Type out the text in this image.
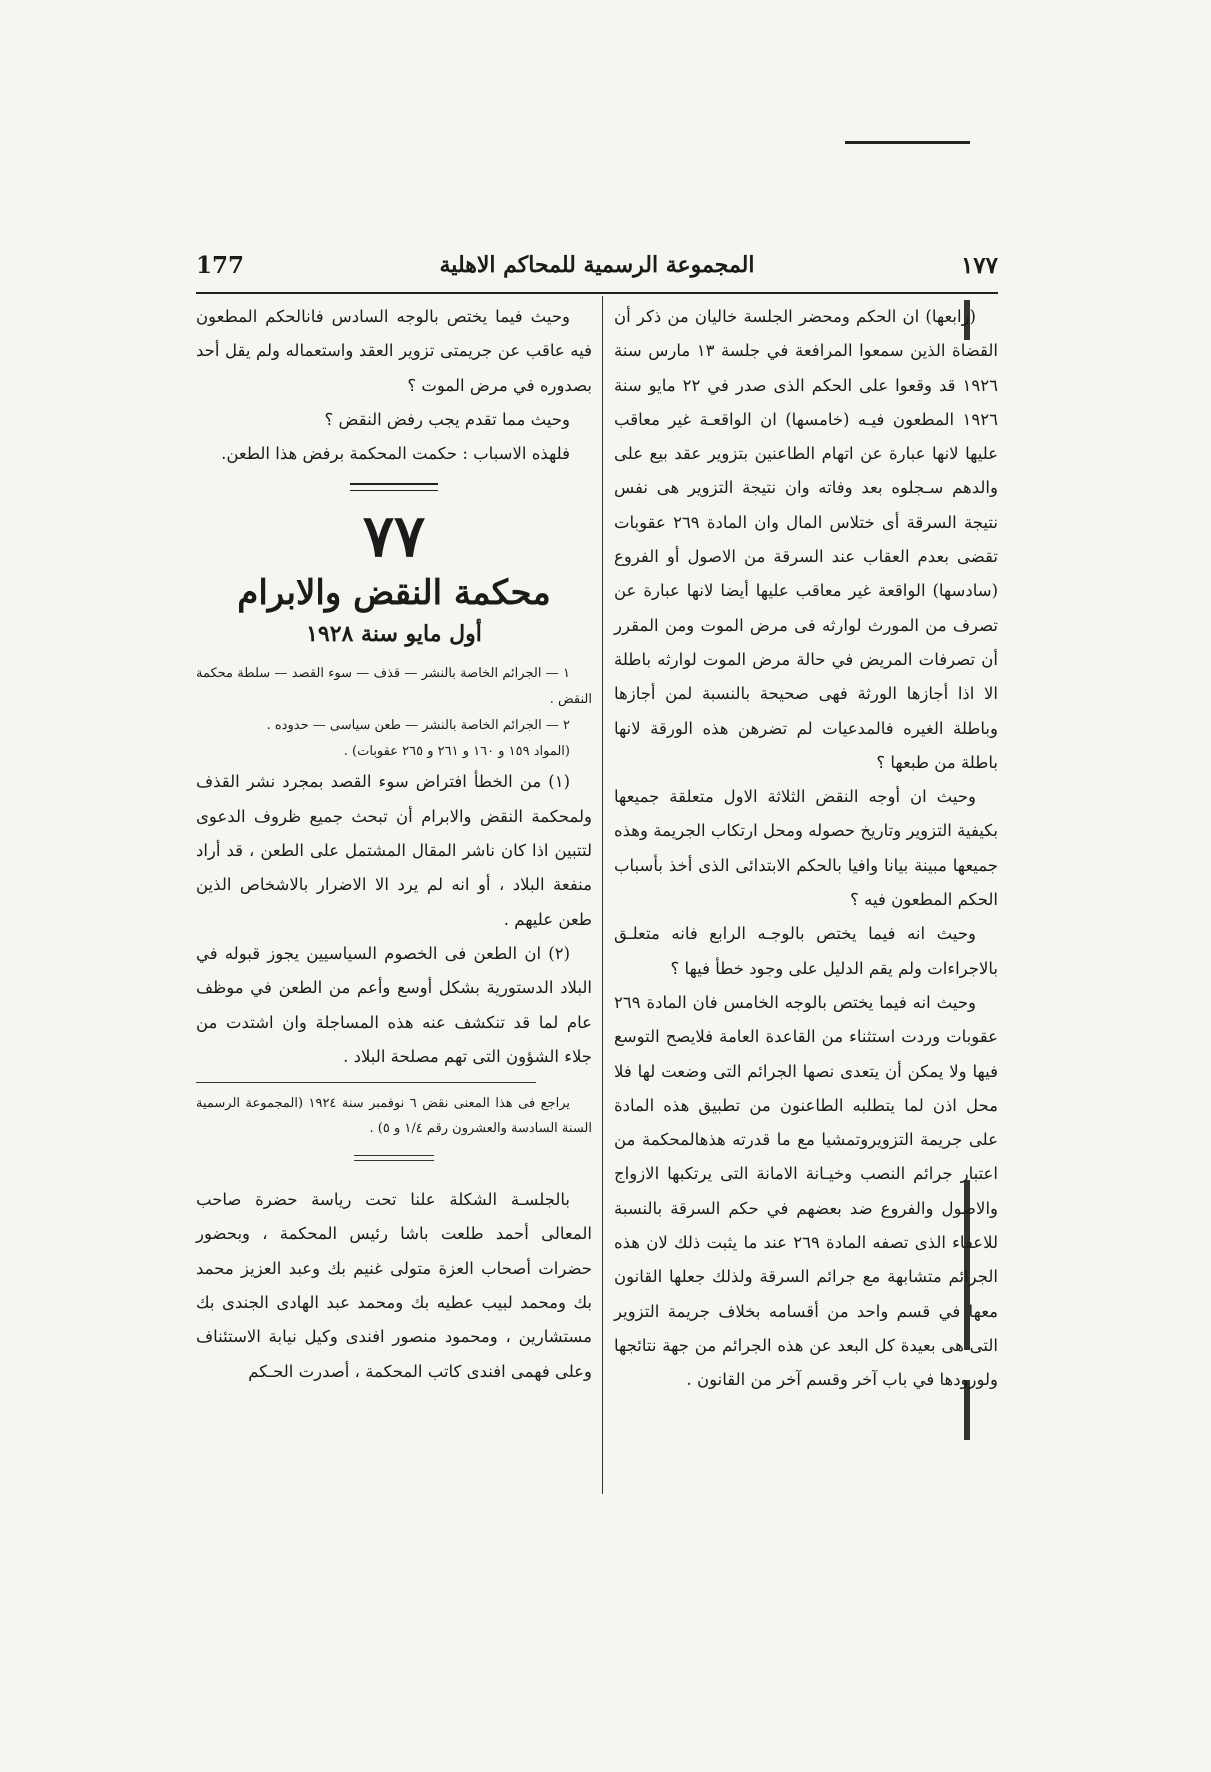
١٧٧
المجموعة الرسمية للمحاكم الاهلية
177

(رابعها) ان الحكم ومحضر الجلسة خاليان من ذكر أن القضاة الذين سمعوا المرافعة في جلسة ١٣ مارس سنة ١٩٢٦ قد وقعوا على الحكم الذى صدر في ٢٢ مايو سنة ١٩٢٦ المطعون فيـه (خامسها) ان الواقعـة غير معاقب عليها لانها عبارة عن اتهام الطاعنين بتزوير عقد بيع على والدهم سـجلوه بعد وفاته وان نتيجة التزوير هى نفس نتيجة السرقة أى ختلاس المال وان المادة ٢٦٩ عقوبات تقضى بعدم العقاب عند السرقة من الاصول أو الفروع (سادسها) الواقعة غير معاقب عليها أيضا لانها عبارة عن تصرف من المورث لوارثه فى مرض الموت ومن المقرر أن تصرفات المريض في حالة مرض الموت لوارثه باطلة الا اذا أجازها الورثة فهى صحيحة بالنسبة لمن أجازها وباطلة الغيره فالمدعيات لم تضرهن هذه الورقة لانها باطلة من طبعها ؟

وحيث ان أوجه النقض الثلاثة الاول متعلقة جميعها بكيفية التزوير وتاريخ حصوله ومحل ارتكاب الجريمة وهذه جميعها مبينة بيانا وافيا بالحكم الابتدائى الذى أخذ بأسباب الحكم المطعون فيه ؟

وحيث انه فيما يختص بالوجـه الرابع فانه متعلـق بالاجراءات ولم يقم الدليل على وجود خطأ فيها ؟

وحيث انه فيما يختص بالوجه الخامس فان المادة ٢٦٩ عقوبات وردت استثناء من القاعدة العامة فلايصح التوسع فيها ولا يمكن أن يتعدى نصها الجرائم التى وضعت لها فلا محل اذن لما يتطلبه الطاعنون من تطبيق هذه المادة على جريمة التزويروتمشيا مع ما قدرته هذهالمحكمة من اعتبار جرائم النصب وخيـانة الامانة التى يرتكبها الازواج والاصول والفروع ضد بعضهم في حكم السرقة بالنسبة للاعفاء الذى تصفه المادة ٢٦٩ عند ما يثبت ذلك لان هذه الجرائم متشابهة مع جرائم السرقة ولذلك جعلها القانون معها في قسم واحد من أقسامه بخلاف جريمة التزوير التى هى بعيدة كل البعد عن هذه الجرائم من جهة نتائجها ولورودها في باب آخر وقسم آخر من القانون .

وحيث فيما يختص بالوجه السادس فانالحكم المطعون فيه عاقب عن جريمتى تزوير العقد واستعماله ولم يقل أحد بصدوره في مرض الموت ؟

وحيث مما تقدم يجب رفض النقض ؟

فلهذه الاسباب : حكمت المحكمة برفض هذا الطعن.

٧٧
محكمة النقض والابرام
أول مايو سنة ١٩٢٨

١ — الجرائم الخاصة بالنشر — قذف — سوء القصد — سلطة محكمة النقض .

٢ — الجرائم الخاصة بالنشر — طعن سياسى — حدوده .

(المواد ١٥٩ و ١٦٠ و ٢٦١ و ٢٦٥ عقوبات) .

(١) من الخطأ افتراض سوء القصد بمجرد نشر القذف ولمحكمة النقض والابرام أن تبحث جميع ظروف الدعوى لتتبين اذا كان ناشر المقال المشتمل على الطعن ، قد أراد منفعة البلاد ، أو انه لم يرد الا الاضرار بالاشخاص الذين طعن عليهم .

(٢) ان الطعن فى الخصوم السياسيين يجوز قبوله في البلاد الدستورية بشكل أوسع وأعم من الطعن في موظف عام لما قد تنكشف عنه هذه المساجلة وان اشتدت من جلاء الشؤون التى تهم مصلحة البلاد .

يراجع فى هذا المعنى نقض ٦ نوفمبر سنة ١٩٢٤ (المجموعة الرسمية السنة السادسة والعشرون رقم ١/٤ و ٥) .

بالجلسـة الشكلة علنا تحت رياسة حضرة صاحب المعالى أحمد طلعت باشا رئيس المحكمة ، وبحضور حضرات أصحاب العزة متولى غنيم بك وعبد العزيز محمد بك ومحمد لبيب عطيه بك ومحمد عبد الهادى الجندى بك مستشارين ، ومحمود منصور افندى وكيل نيابة الاستئناف وعلى فهمى افندى كاتب المحكمة ، أصدرت الحـكم
